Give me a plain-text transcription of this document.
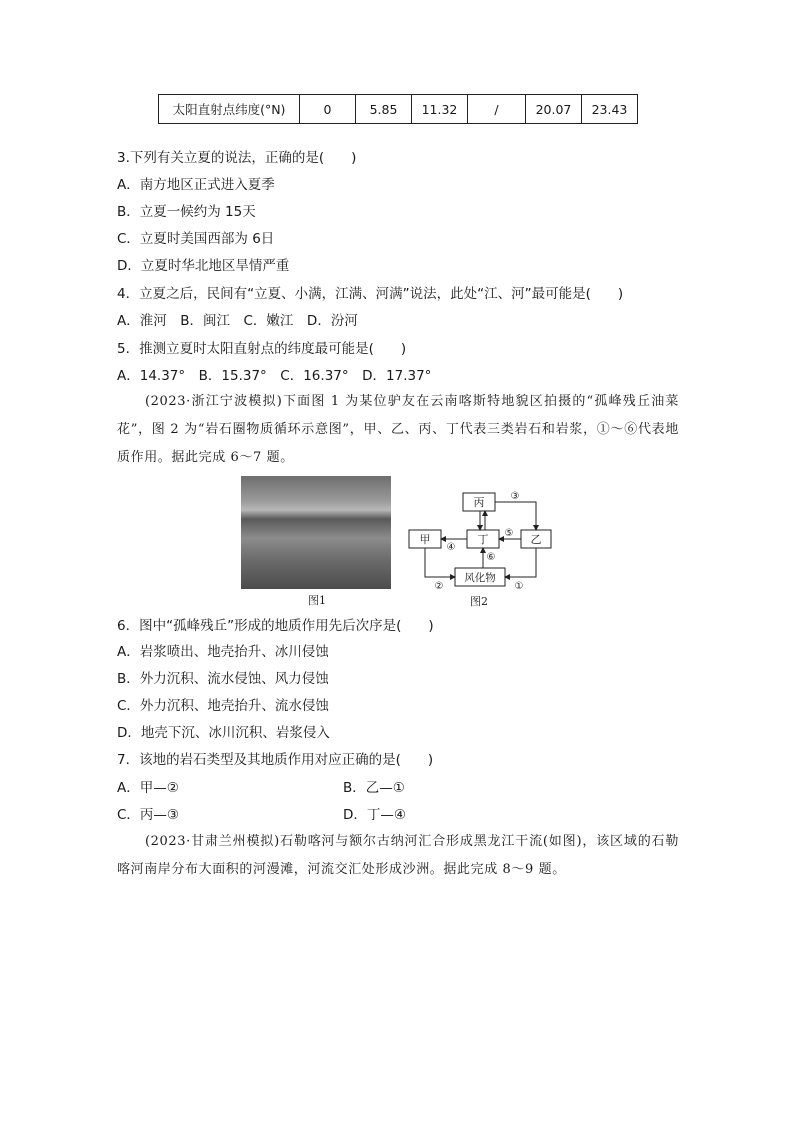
太阳直射点纬度(°N)	0	5.85	11.32	/	20.07	23.43
3.下列有关立夏的说法，正确的是(　　)
A．南方地区正式进入夏季
B．立夏一候约为 15天
C．立夏时美国西部为 6日
D．立夏时华北地区旱情严重
4．立夏之后，民间有“立夏、小满，江满、河满”说法，此处“江、河”最可能是(　　)
A．淮河　B．闽江　C．嫩江　D．汾河
5．推测立夏时太阳直射点的纬度最可能是(　　)
A．14.37°　B．15.37°　C．16.37°　D．17.37°
(2023·浙江宁波模拟)下面图 1 为某位驴友在云南喀斯特地貌区拍摄的“孤峰残丘油菜花”，图 2 为“岩石圈物质循环示意图”，甲、乙、丙、丁代表三类岩石和岩浆，①～⑥代表地质作用。据此完成 6～7 题。
图1
丙
甲	丁	乙
风化物
①
②
③
④
⑤
⑥
图2
6．图中“孤峰残丘”形成的地质作用先后次序是(　　)
A．岩浆喷出、地壳抬升、冰川侵蚀
B．外力沉积、流水侵蚀、风力侵蚀
C．外力沉积、地壳抬升、流水侵蚀
D．地壳下沉、冰川沉积、岩浆侵入
7．该地的岩石类型及其地质作用对应正确的是(　　)
A．甲—②	B．乙—①
C．丙—③	D．丁—④
(2023·甘肃兰州模拟)石勒喀河与额尔古纳河汇合形成黑龙江干流(如图)，该区域的石勒喀河南岸分布大面积的河漫滩，河流交汇处形成沙洲。据此完成 8～9 题。
